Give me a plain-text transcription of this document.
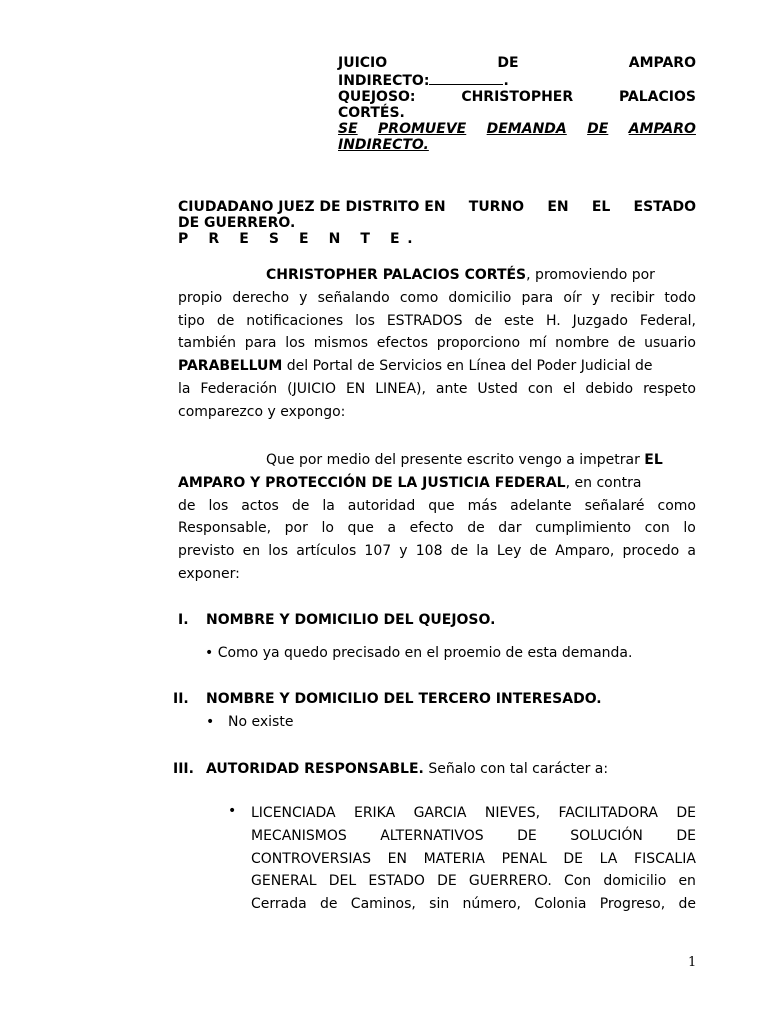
JUICIO	DE	AMPARO
INDIRECTO:	.
QUEJOSO:	CHRISTOPHER	PALACIOS
CORTÉS.
SE PROMUEVE DEMANDA DE AMPARO
INDIRECTO.
CIUDADANO JUEZ DE DISTRITO EN TURNO EN EL ESTADO
DE GUERRERO.
P R E S E N T E.
CHRISTOPHER PALACIOS CORTÉS , promoviendo por
propio derecho y señalando como domicilio para oír y recibir todo
tipo de notificaciones los ESTRADOS de este H. Juzgado Federal,
también para los mismos efectos proporciono mí nombre de usuario
PARABELLUM del Portal de Servicios en Línea del Poder Judicial de
la Federación (JUICIO EN LINEA), ante Usted con el debido respeto
comparezco y expongo:
Que por medio del presente escrito vengo a impetrar EL
AMPARO Y PROTECCIÓN DE LA JUSTICIA FEDERAL , en contra
de los actos de la autoridad que más adelante señalaré como
Responsable, por lo que a efecto de dar cumplimiento con lo
previsto en los artículos 107 y 108 de la Ley de Amparo, procedo a
exponer:
I. NOMBRE Y DOMICILIO DEL QUEJOSO.
• Como ya quedo precisado en el proemio de esta demanda.
II. NOMBRE Y DOMICILIO DEL TERCERO INTERESADO.
• No existe
III. AUTORIDAD RESPONSABLE. Señalo con tal carácter a:
• LICENCIADA ERIKA GARCIA NIEVES, FACILITADORA DE
MECANISMOS ALTERNATIVOS DE SOLUCIÓN DE
CONTROVERSIAS EN MATERIA PENAL DE LA FISCALIA
GENERAL DEL ESTADO DE GUERRERO. Con domicilio en
Cerrada de Caminos, sin número, Colonia Progreso, de
1
